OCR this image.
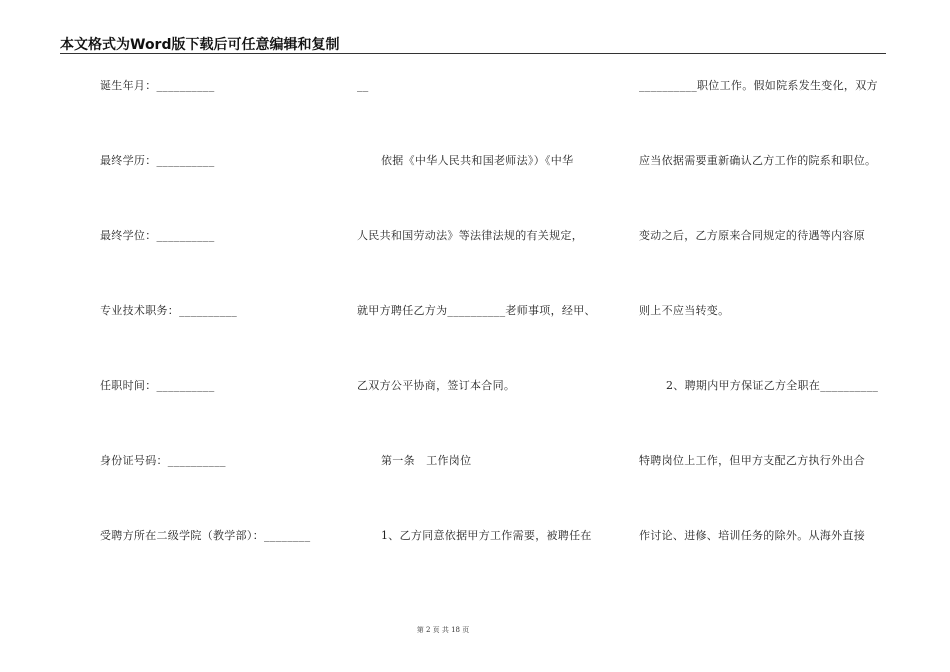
本文格式为Word版下载后可任意编辑和复制
诞生年月：__________
最终学历：__________
最终学位：__________
专业技术职务：__________
任职时间：__________
身份证号码：__________
受聘方所在二级学院（教学部）：________
__
依据《中华人民共和国老师法》）《中华
人民共和国劳动法》等法律法规的有关规定，
就甲方聘任乙方为__________老师事项，经甲、
乙双方公平协商，签订本合同。
第一条　工作岗位
1、乙方同意依据甲方工作需要，被聘任在
__________职位工作。假如院系发生变化，双方
应当依据需要重新确认乙方工作的院系和职位。
变动之后，乙方原来合同规定的待遇等内容原
则上不应当转变。
2、聘期内甲方保证乙方全职在__________
特聘岗位上工作，但甲方支配乙方执行外出合
作讨论、进修、培训任务的除外。从海外直接
第 2 页 共 18 页
